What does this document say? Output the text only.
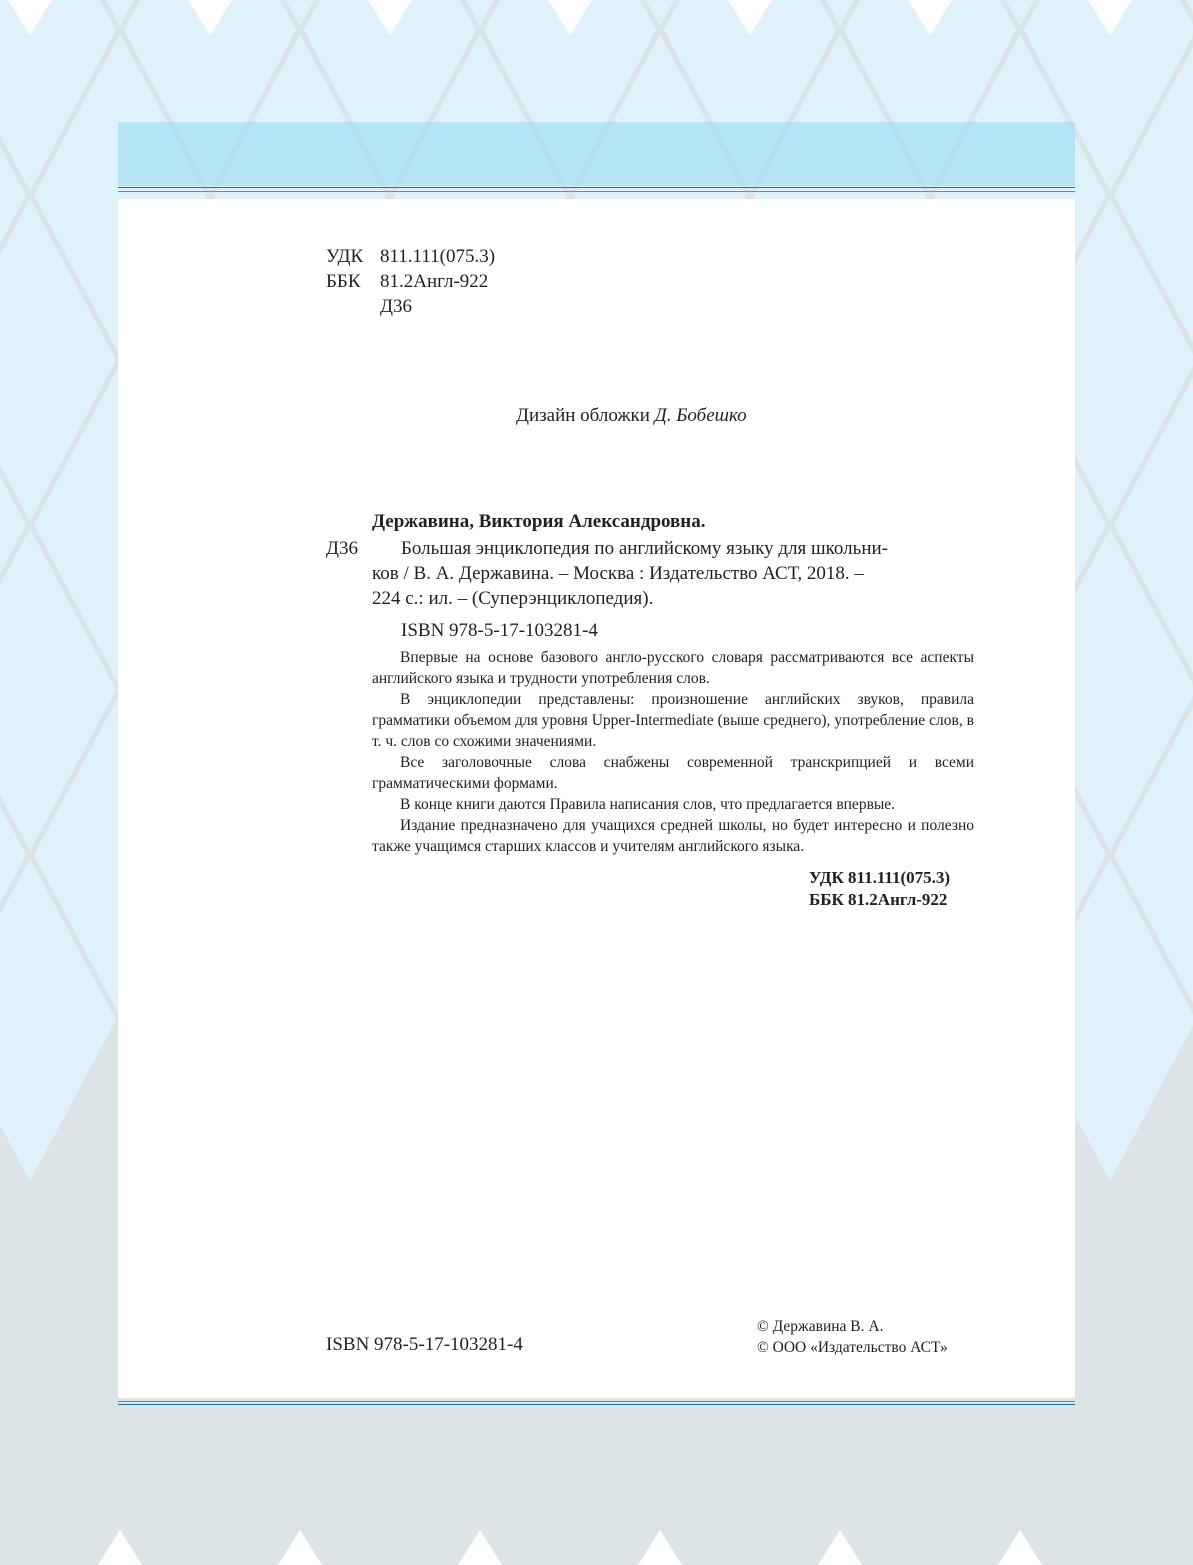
УДК 811.111(075.3)
ББК 81.2Англ-922
Д36
Дизайн обложки Д. Бобешко
Державина, Виктория Александровна.
Д36 Большая энциклопедия по английскому языку для школьни-
ков / В. А. Державина. – Москва : Издательство АСТ, 2018. –
224 с.: ил. – (Суперэнциклопедия).
ISBN 978-5-17-103281-4

Впервые на основе базового англо-русского словаря рассматриваются все аспекты английского языка и трудности употребления слов.

В энциклопедии представлены: произношение английских звуков, правила грамматики объемом для уровня Upper-Intermediate (выше среднего), употребление слов, в т. ч. слов со схожими значениями.

Все заголовочные слова снабжены современной транскрипцией и всеми грамматическими формами.

В конце книги даются Правила написания слов, что предлагается впервые.

Издание предназначено для учащихся средней школы, но будет интересно и полезно также учащимся старших классов и учителям английского языка.

УДК 811.111(075.3)
ББК 81.2Англ-922
ISBN 978-5-17-103281-4
© Державина В. А.
© ООО «Издательство АСТ»
